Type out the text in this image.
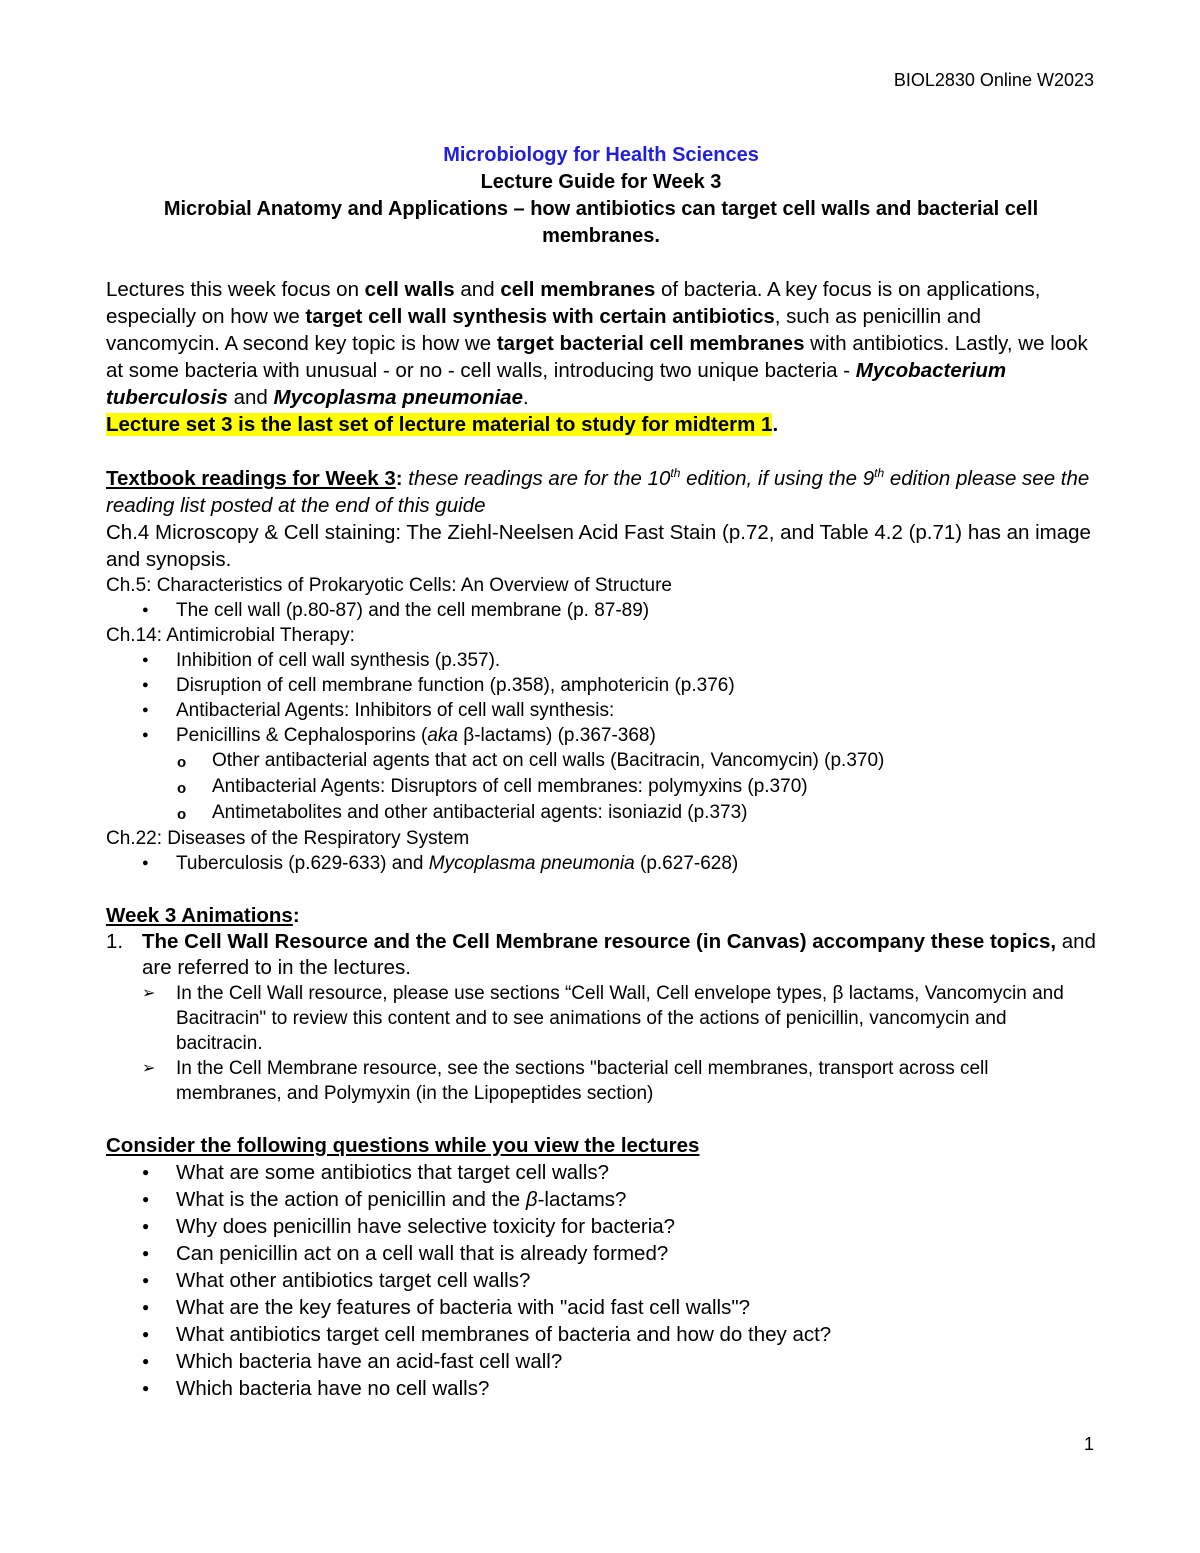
BIOL2830 Online W2023
Microbiology for Health Sciences
Lecture Guide for Week 3
Microbial Anatomy and Applications – how antibiotics can target cell walls and bacterial cell membranes.

Lectures this week focus on cell walls and cell membranes of bacteria. A key focus is on applications, especially on how we target cell wall synthesis with certain antibiotics, such as penicillin and vancomycin. A second key topic is how we target bacterial cell membranes with antibiotics. Lastly, we look at some bacteria with unusual - or no - cell walls, introducing two unique bacteria - Mycobacterium tuberculosis and Mycoplasma pneumoniae.
Lecture set 3 is the last set of lecture material to study for midterm 1.

Textbook readings for Week 3: these readings are for the 10th edition, if using the 9th edition please see the reading list posted at the end of this guide

Ch.4 Microscopy & Cell staining: The Ziehl-Neelsen Acid Fast Stain (p.72, and Table 4.2 (p.71) has an image and synopsis.

Ch.5: Characteristics of Prokaryotic Cells: An Overview of Structure

● The cell wall (p.80-87) and the cell membrane (p. 87-89)

Ch.14: Antimicrobial Therapy:

● Inhibition of cell wall synthesis (p.357).
● Disruption of cell membrane function (p.358), amphotericin (p.376)
● Antibacterial Agents: Inhibitors of cell wall synthesis:
● Penicillins & Cephalosporins (aka β-lactams) (p.367-368)
o Other antibacterial agents that act on cell walls (Bacitracin, Vancomycin) (p.370)
o Antibacterial Agents: Disruptors of cell membranes: polymyxins (p.370)
o Antimetabolites and other antibacterial agents: isoniazid (p.373)

Ch.22: Diseases of the Respiratory System

● Tuberculosis (p.629-633) and Mycoplasma pneumonia (p.627-628)

Week 3 Animations:

1. The Cell Wall Resource and the Cell Membrane resource (in Canvas) accompany these topics, and are referred to in the lectures.
➢ In the Cell Wall resource, please use sections “Cell Wall, Cell envelope types, β lactams, Vancomycin and Bacitracin" to review this content and to see animations of the actions of penicillin, vancomycin and bacitracin.
➢ In the Cell Membrane resource, see the sections "bacterial cell membranes, transport across cell membranes, and Polymyxin (in the Lipopeptides section)

Consider the following questions while you view the lectures

● What are some antibiotics that target cell walls?
● What is the action of penicillin and the β-lactams?
● Why does penicillin have selective toxicity for bacteria?
● Can penicillin act on a cell wall that is already formed?
● What other antibiotics target cell walls?
● What are the key features of bacteria with "acid fast cell walls"?
● What antibiotics target cell membranes of bacteria and how do they act?
● Which bacteria have an acid-fast cell wall?
● Which bacteria have no cell walls?
1
